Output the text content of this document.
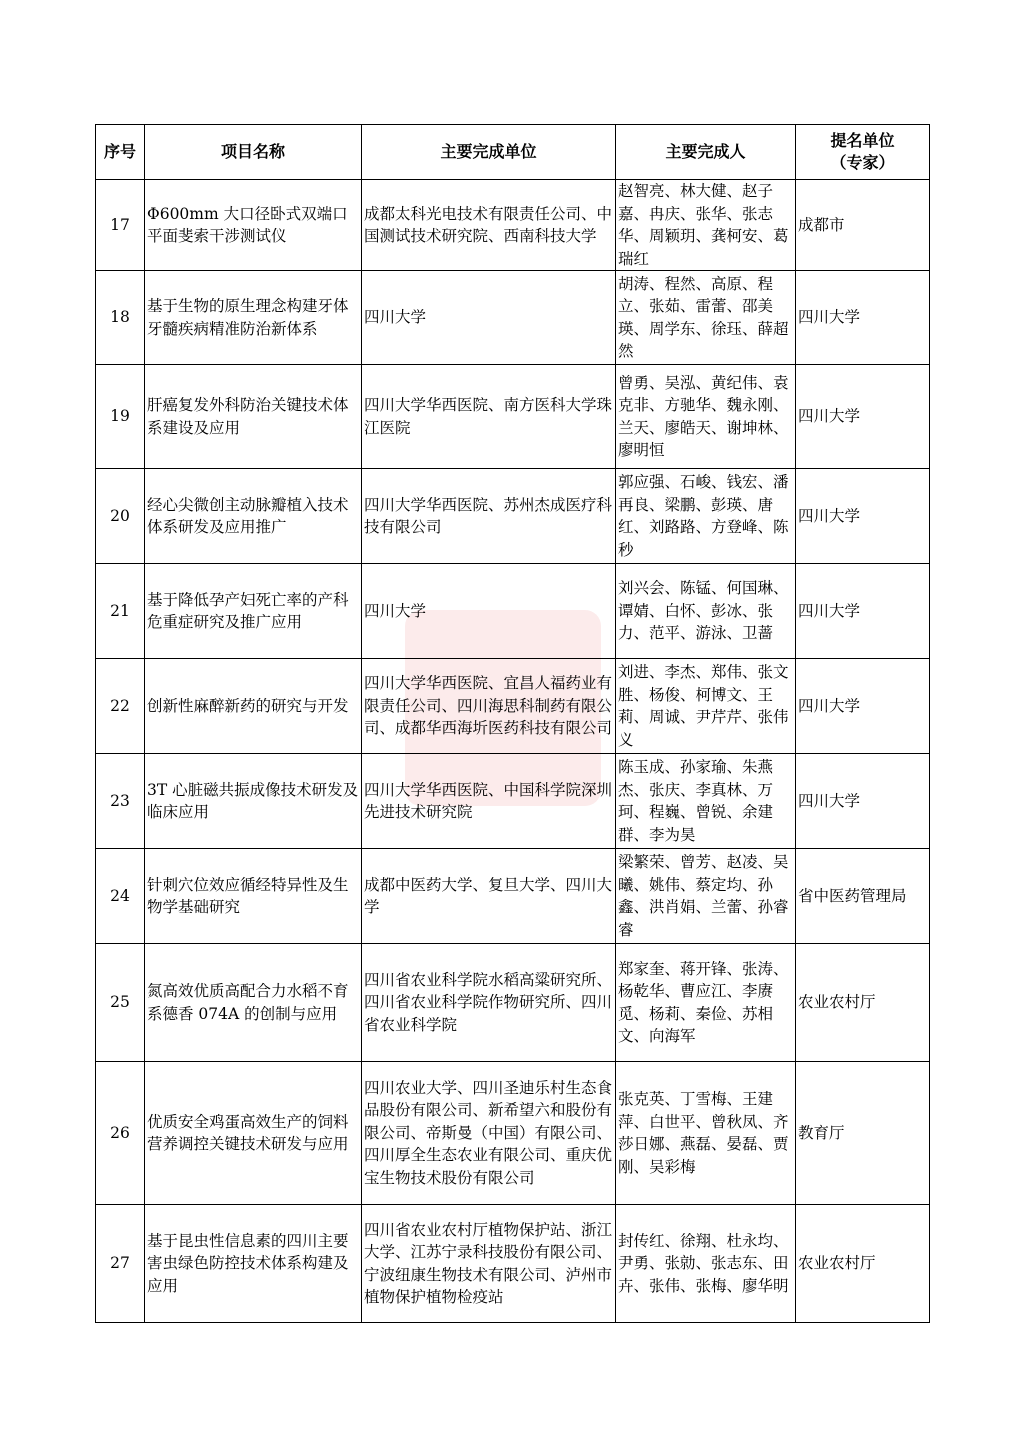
序号	项目名称	主要完成单位	主要完成人	提名单位
（专家）
17	Φ600mm 大口径卧式双端口平面斐索干涉测试仪	成都太科光电技术有限责任公司、中国测试技术研究院、西南科技大学	赵智亮、林大健、赵子嘉、冉庆、张华、张志华、周颖玥、龚柯安、葛瑞红	成都市
18	基于生物的原生理念构建牙体牙髓疾病精准防治新体系	四川大学	胡涛、程然、高原、程立、张茹、雷蕾、邵美瑛、周学东、徐珏、薛超然	四川大学
19	肝癌复发外科防治关键技术体系建设及应用	四川大学华西医院、南方医科大学珠江医院	曾勇、吴泓、黄纪伟、袁克非、方驰华、魏永刚、兰天、廖皓天、谢坤林、廖明恒	四川大学
20	经心尖微创主动脉瓣植入技术体系研发及应用推广	四川大学华西医院、苏州杰成医疗科技有限公司	郭应强、石峻、钱宏、潘再良、梁鹏、彭瑛、唐红、刘路路、方登峰、陈秒	四川大学
21	基于降低孕产妇死亡率的产科危重症研究及推广应用	四川大学	刘兴会、陈锰、何国琳、谭婧、白怀、彭冰、张力、范平、游泳、卫蔷	四川大学
22	创新性麻醉新药的研究与开发	四川大学华西医院、宜昌人福药业有限责任公司、四川海思科制药有限公司、成都华西海圻医药科技有限公司	刘进、李杰、郑伟、张文胜、杨俊、柯博文、王莉、周诚、尹芹芹、张伟义	四川大学
23	3T 心脏磁共振成像技术研发及临床应用	四川大学华西医院、中国科学院深圳先进技术研究院	陈玉成、孙家瑜、朱燕杰、张庆、李真林、万珂、程巍、曾锐、余建群、李为昊	四川大学
24	针刺穴位效应循经特异性及生物学基础研究	成都中医药大学、复旦大学、四川大学	梁繁荣、曾芳、赵凌、吴曦、姚伟、蔡定均、孙鑫、洪肖娟、兰蕾、孙睿睿	省中医药管理局
25	氮高效优质高配合力水稻不育系德香 074A 的创制与应用	四川省农业科学院水稻高粱研究所、四川省农业科学院作物研究所、四川省农业科学院	郑家奎、蒋开锋、张涛、杨乾华、曹应江、李赓觅、杨莉、秦俭、苏相文、向海军	农业农村厅
26	优质安全鸡蛋高效生产的饲料营养调控关键技术研发与应用	四川农业大学、四川圣迪乐村生态食品股份有限公司、新希望六和股份有限公司、帝斯曼（中国）有限公司、四川厚全生态农业有限公司、重庆优宝生物技术股份有限公司	张克英、丁雪梅、王建萍、白世平、曾秋凤、齐莎日娜、燕磊、晏磊、贾刚、吴彩梅	教育厅
27	基于昆虫性信息素的四川主要害虫绿色防控技术体系构建及应用	四川省农业农村厅植物保护站、浙江大学、江苏宁录科技股份有限公司、宁波纽康生物技术有限公司、泸州市植物保护植物检疫站	封传红、徐翔、杜永均、尹勇、张勍、张志东、田卉、张伟、张梅、廖华明	农业农村厅
